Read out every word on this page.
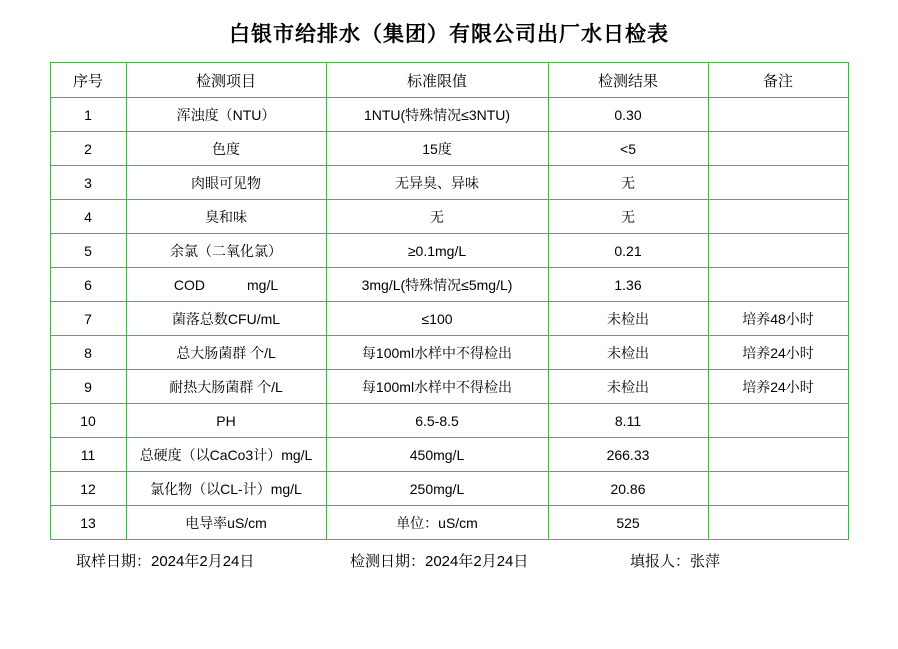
白银市给排水（集团）有限公司出厂水日检表
序号	检测项目	标准限值	检测结果	备注
1	浑浊度（NTU）	1NTU(特殊情况≤3NTU)	0.30	
2	色度	15度	<5	
3	肉眼可见物	无异臭、异味	无	
4	臭和味	无	无	
5	余氯（二氧化氯）	≥0.1mg/L	0.21	
6	COD mg/L	3mg/L(特殊情况≤5mg/L)	1.36	
7	菌落总数CFU/mL	≤100	未检出	培养48小时
8	总大肠菌群 个/L	每100ml水样中不得检出	未检出	培养24小时
9	耐热大肠菌群 个/L	每100ml水样中不得检出	未检出	培养24小时
10	PH	6.5-8.5	8.11	
11	总硬度（以CaCo3计）mg/L	450mg/L	266.33	
12	氯化物（以CL-计）mg/L	250mg/L	20.86	
13	电导率uS/cm	单位：uS/cm	525	
取样日期：2024年2月24日	检测日期：2024年2月24日	填报人：张萍
